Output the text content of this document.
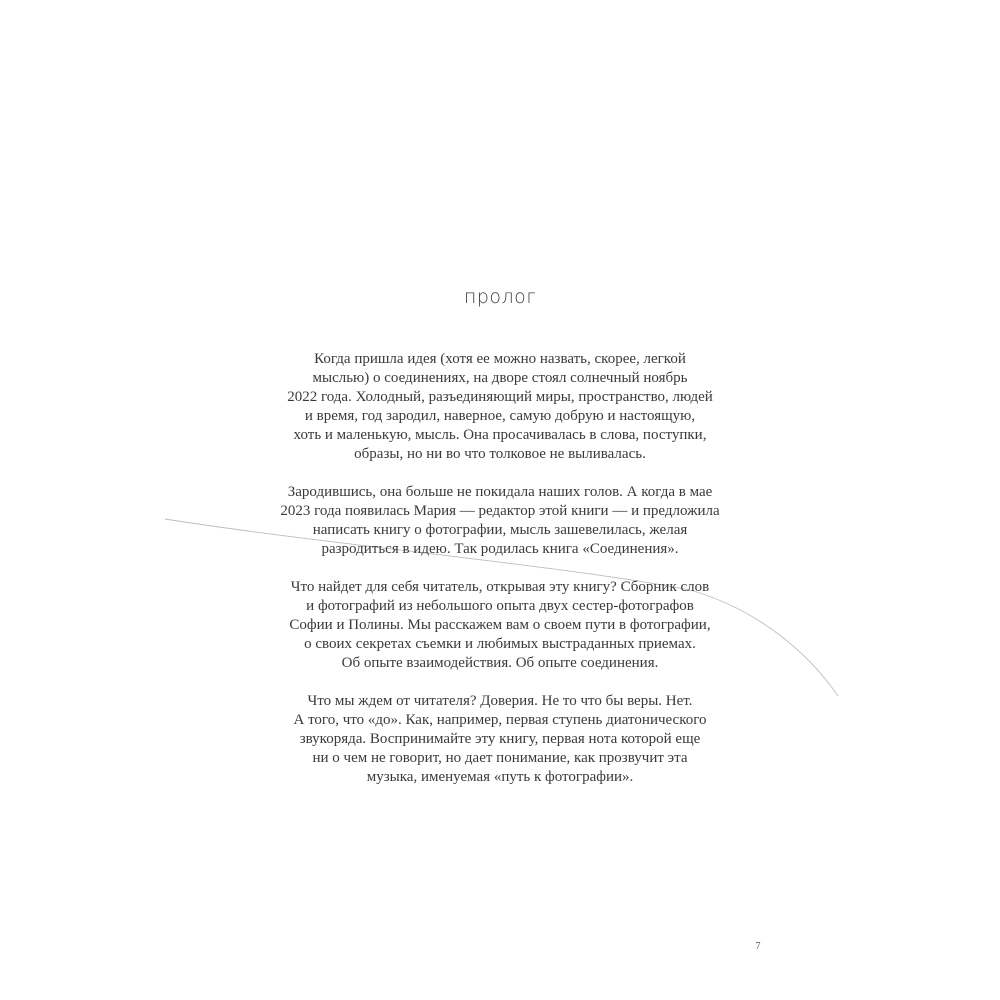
пролог
Когда пришла идея (хотя ее можно назвать, скорее, легкой
мыслью) о соединениях, на дворе стоял солнечный ноябрь
2022 года. Холодный, разъединяющий миры, пространство, людей
и время, год зародил, наверное, самую добрую и настоящую,
хоть и маленькую, мысль. Она просачивалась в слова, поступки,
образы, но ни во что толковое не выливалась.
Зародившись, она больше не покидала наших голов. А когда в мае
2023 года появилась Мария — редактор этой книги — и предложила
написать книгу о фотографии, мысль зашевелилась, желая
разродиться в идею. Так родилась книга «Соединения».
Что найдет для себя читатель, открывая эту книгу? Сборник слов
и фотографий из небольшого опыта двух сестер-фотографов
Софии и Полины. Мы расскажем вам о своем пути в фотографии,
о своих секретах съемки и любимых выстраданных приемах.
Об опыте взаимодействия. Об опыте соединения.
Что мы ждем от читателя? Доверия. Не то что бы веры. Нет.
А того, что «до». Как, например, первая ступень диатонического
звукоряда. Воспринимайте эту книгу, первая нота которой еще
ни о чем не говорит, но дает понимание, как прозвучит эта
музыка, именуемая «путь к фотографии».
7
